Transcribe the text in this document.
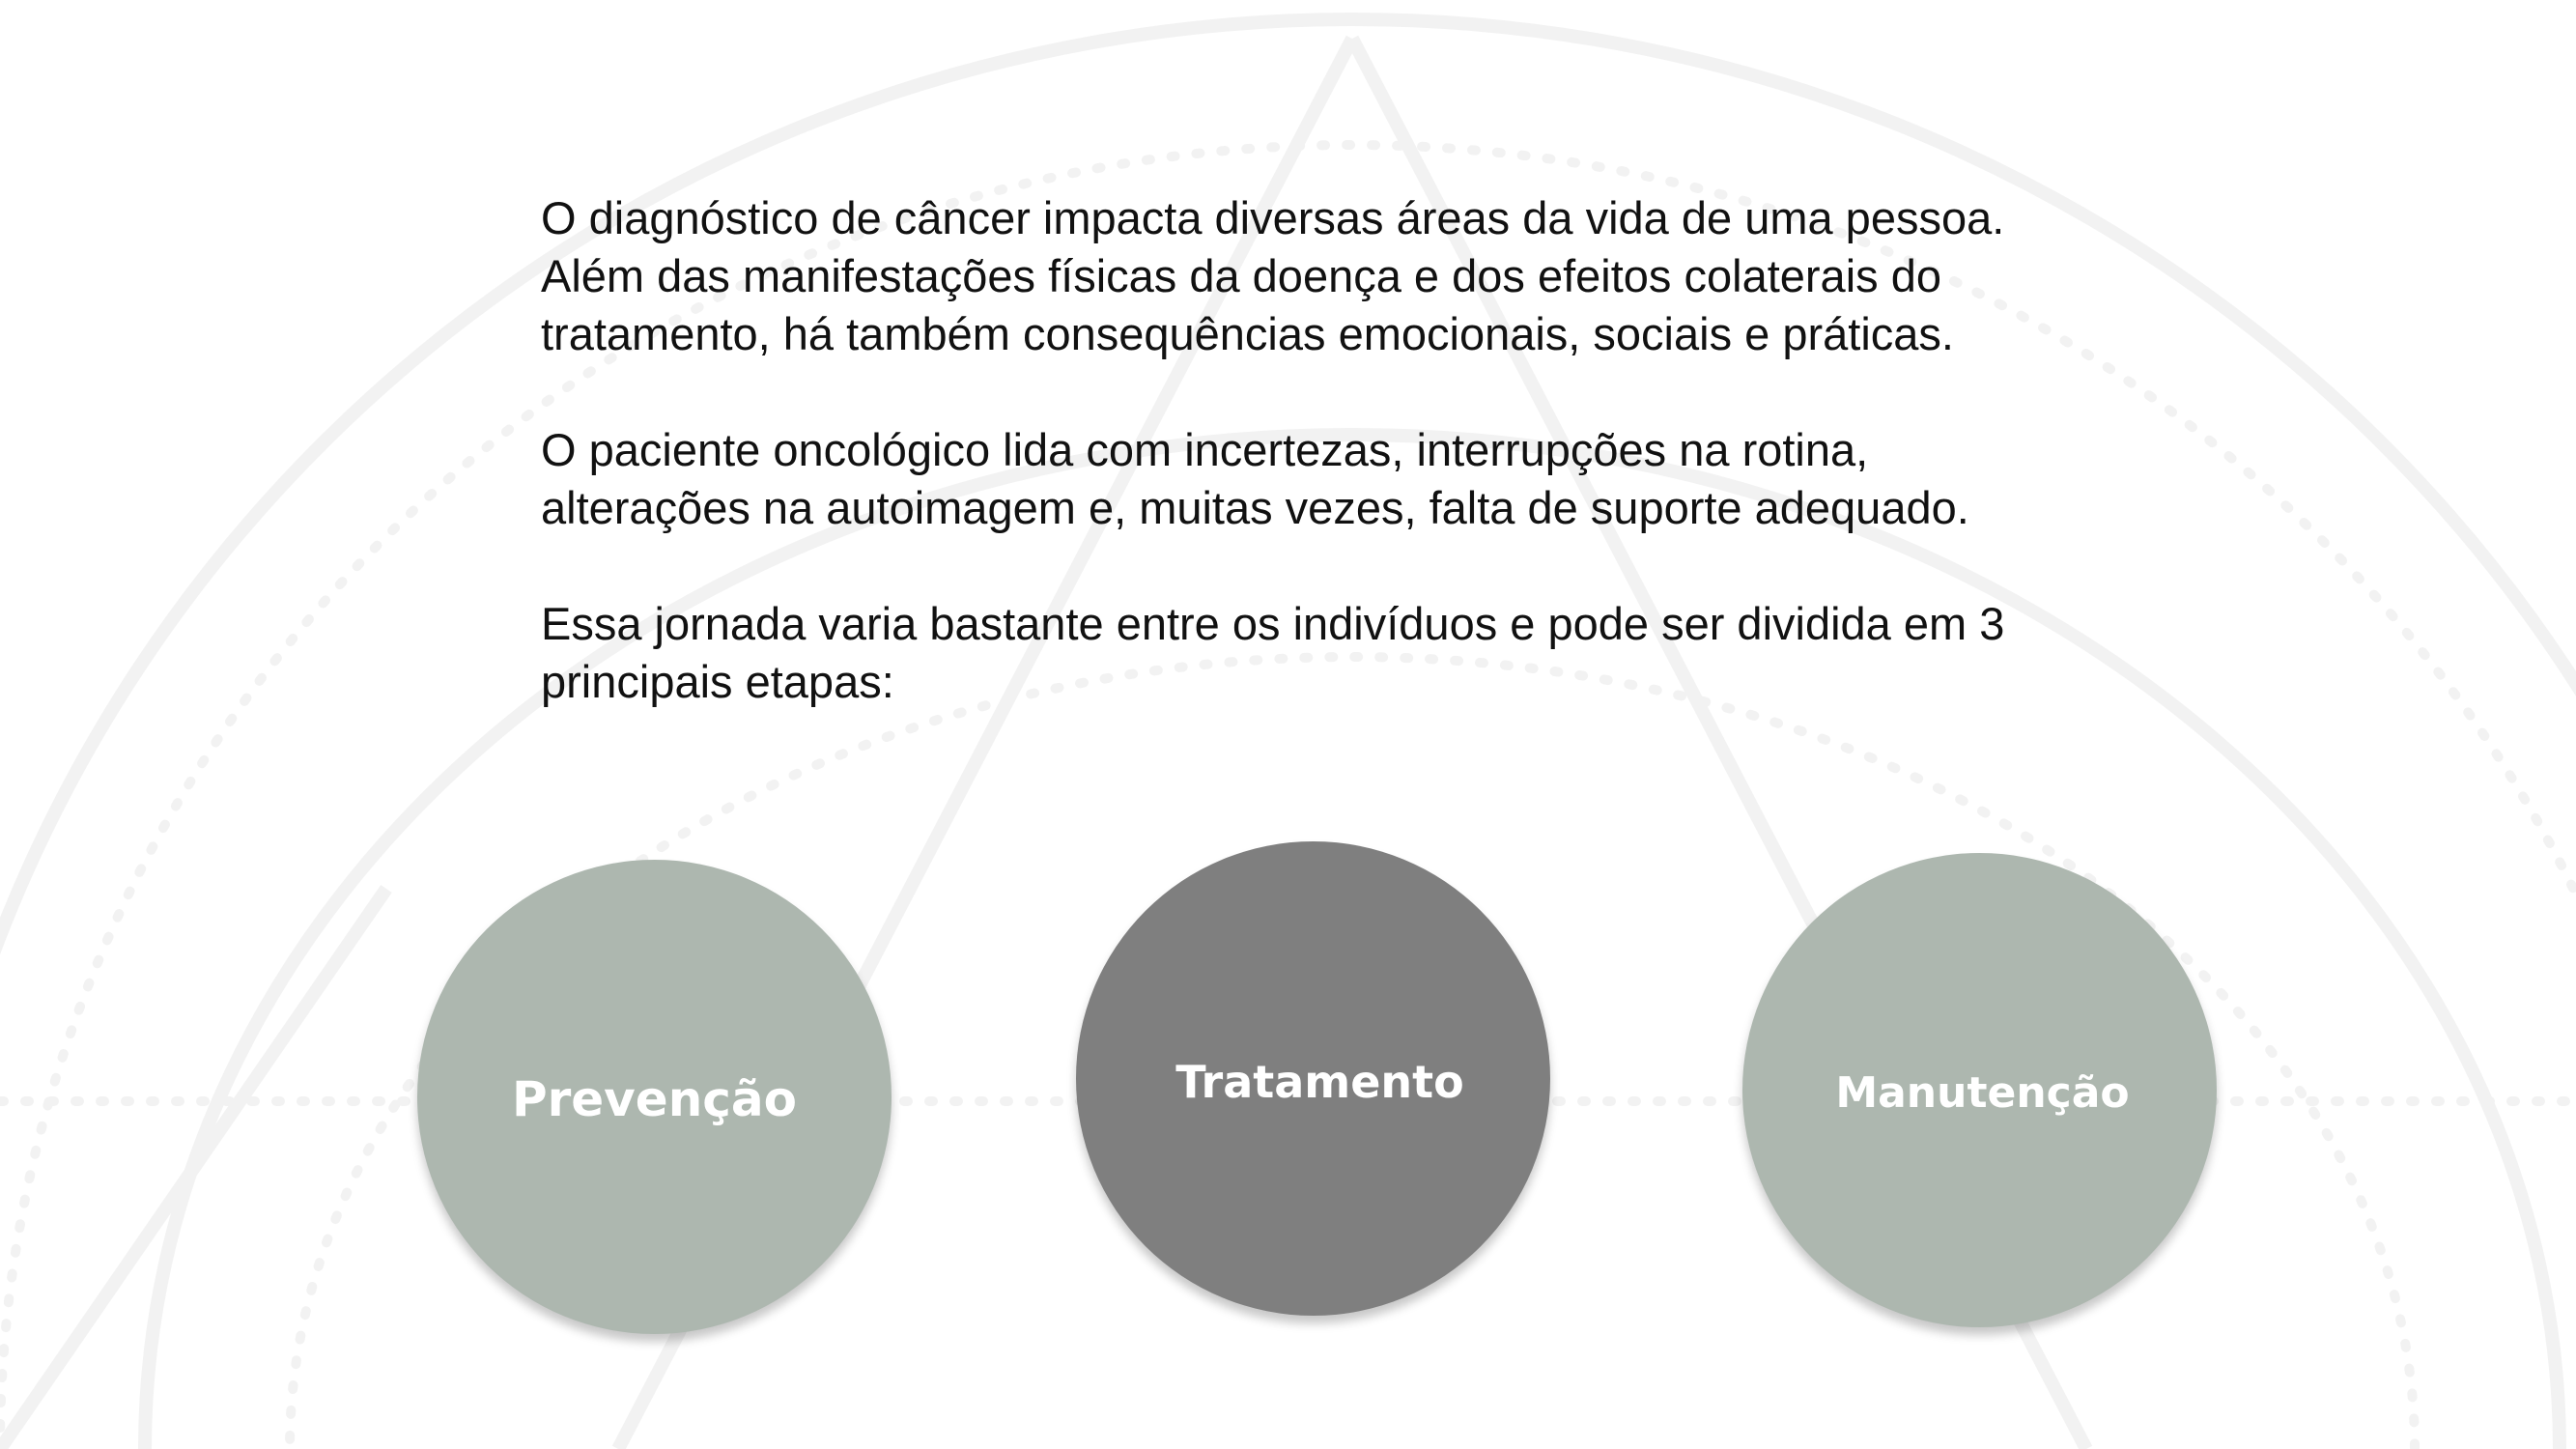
O diagnóstico de câncer impacta diversas áreas da vida de uma pessoa.
Além das manifestações físicas da doença e dos efeitos colaterais do
tratamento, há também consequências emocionais, sociais e práticas.

O paciente oncológico lida com incertezas, interrupções na rotina,
alterações na autoimagem e, muitas vezes, falta de suporte adequado.

Essa jornada varia bastante entre os indivíduos e pode ser dividida em 3
principais etapas:

Prevenção	Tratamento	Manutenção
